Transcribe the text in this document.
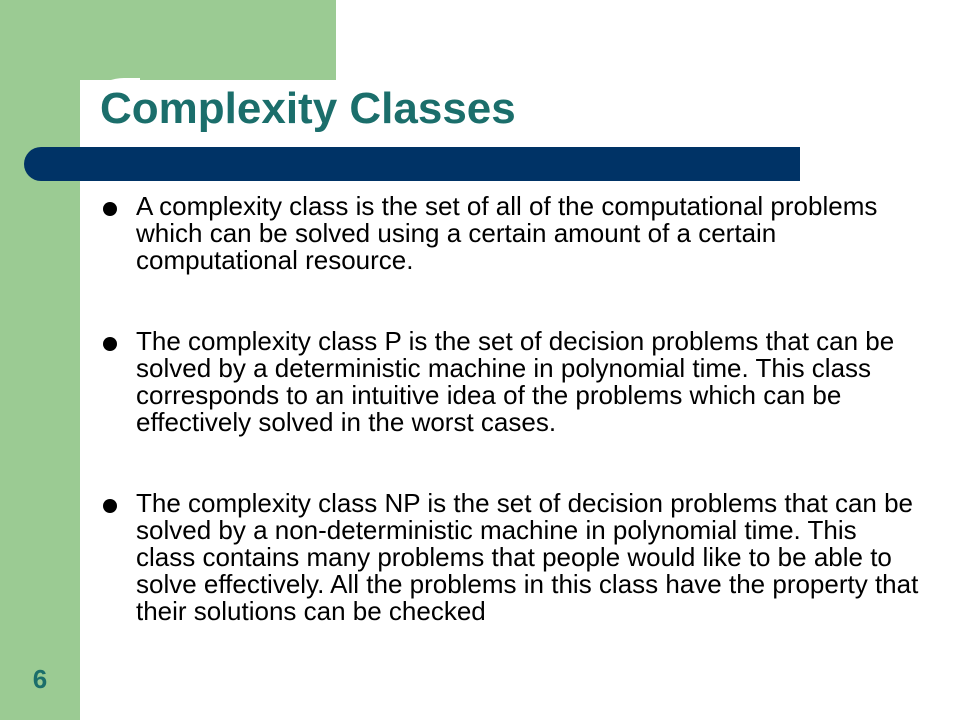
Complexity Classes
A complexity class is the set of all of the computational problems which can be solved using a certain amount of a certain computational resource.
The complexity class P is the set of decision problems that can be solved by a deterministic machine in polynomial time. This class corresponds to an intuitive idea of the problems which can be effectively solved in the worst cases.
The complexity class NP is the set of decision problems that can be solved by a non-deterministic machine in polynomial time. This class contains many problems that people would like to be able to solve effectively. All the problems in this class have the property that their solutions can be checked
6
